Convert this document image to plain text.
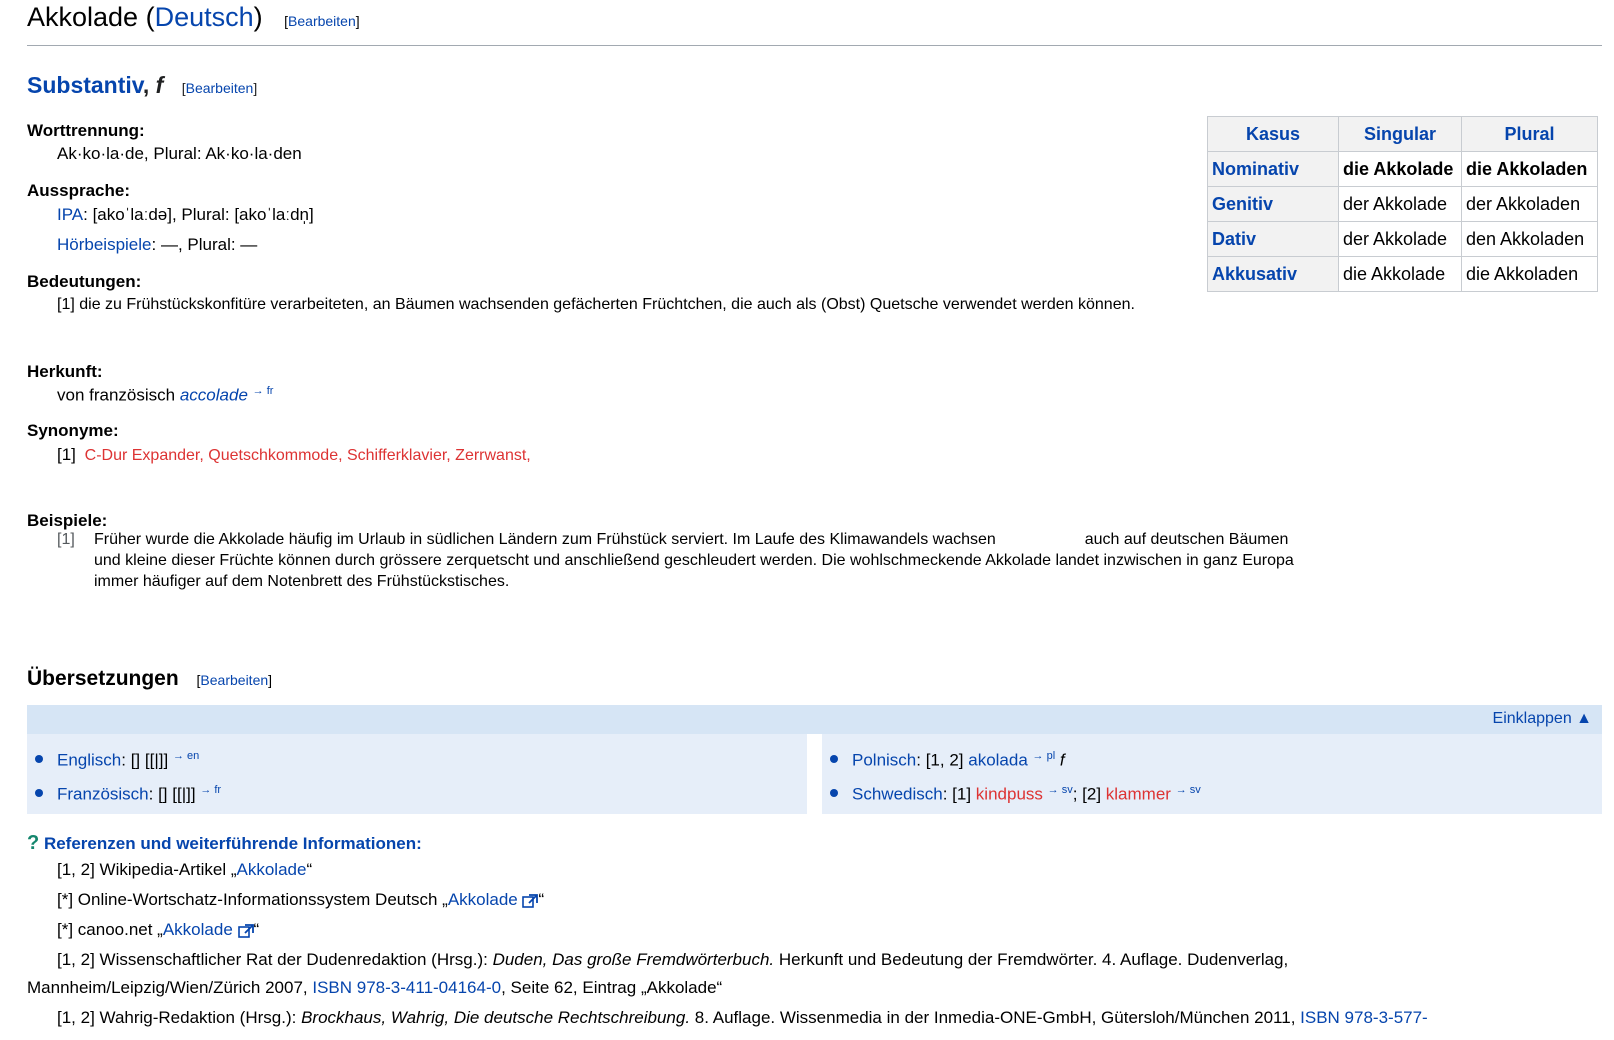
Akkolade (Deutsch) [Bearbeiten]
Substantiv, f [Bearbeiten]
Worttrennung:
Ak·ko·la·de, Plural: Ak·ko·la·den
Aussprache:
IPA: [akoˈlaːdə], Plural: [akoˈlaːdn̩]
Hörbeispiele: —, Plural: —
Bedeutungen:
[1] die zu Frühstückskonfitüre verarbeiteten, an Bäumen wachsenden gefächerten Früchtchen, die auch als (Obst) Quetsche verwendet werden können.
Herkunft:
von französisch accolade $^{\to fr}$
Synonyme:
[1] C-Dur Expander, Quetschkommode, Schifferklavier, Zerrwanst,
Beispiele:
[1] Früher wurde die Akkolade häufig im Urlaub in südlichen Ländern zum Frühstück serviert. Im Laufe des Klimawandels wachsen                    auch auf deutschen Bäumen
und kleine dieser Früchte können durch grössere zerquetscht und anschließend geschleudert werden. Die wohlschmeckende Akkolade landet inzwischen in ganz Europa
immer häufiger auf dem Notenbrett des Frühstückstisches.
Kasus	Singular	Plural
Nominativ	die Akkolade	die Akkoladen
Genitiv	der Akkolade	der Akkoladen
Dativ	der Akkolade	den Akkoladen
Akkusativ	die Akkolade	die Akkoladen
Übersetzungen [Bearbeiten]
Einklappen ▲
Englisch: [] [[|]] $^{\to en}$
Französisch: [] [[|]] $^{\to fr}$
Polnisch: [1, 2] akolada $^{\to pl}$ f
Schwedisch: [1] kindpuss $^{\to sv}$; [2] klammer $^{\to sv}$
? Referenzen und weiterführende Informationen:
[1, 2] Wikipedia-Artikel „Akkolade“
[*] Online-Wortschatz-Informationssystem Deutsch „Akkolade “
[*] canoo.net „Akkolade “
[1, 2] Wissenschaftlicher Rat der Dudenredaktion (Hrsg.): Duden, Das große Fremdwörterbuch. Herkunft und Bedeutung der Fremdwörter. 4. Auflage. Dudenverlag,
Mannheim/Leipzig/Wien/Zürich 2007, ISBN 978-3-411-04164-0, Seite 62, Eintrag „Akkolade“
[1, 2] Wahrig-Redaktion (Hrsg.): Brockhaus, Wahrig, Die deutsche Rechtschreibung. 8. Auflage. Wissenmedia in der Inmedia-ONE-GmbH, Gütersloh/München 2011, ISBN 978-3-577-
